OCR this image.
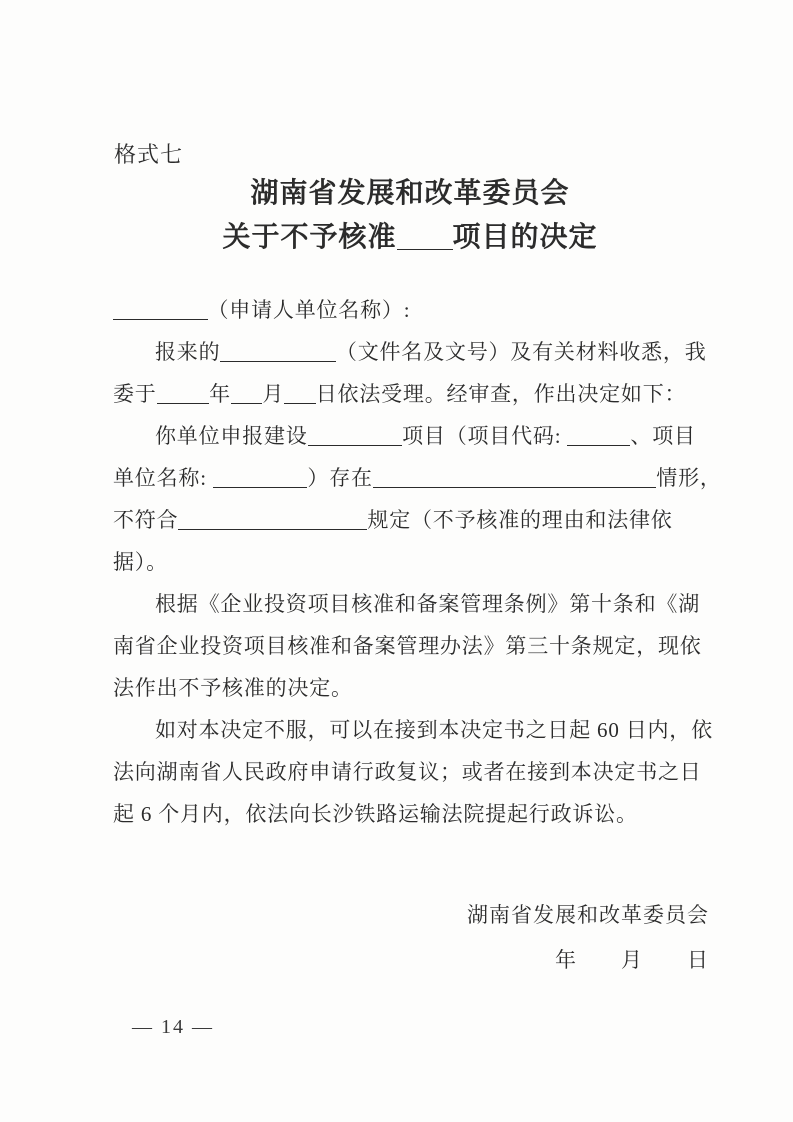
格式七
湖南省发展和改革委员会
关于不予核准 项目的决定
（申请人单位名称）:
报来的	（文件名及文号）及有关材料收悉，我
委于	年 月 日依法受理。经审查，作出决定如下：
你单位申报建设	项目（项目代码:	、项目
单位名称:	）存在	情形，
不符合	规定（不予核准的理由和法律依
据）。
根据《企业投资项目核准和备案管理条例》第十条和《湖
南省企业投资项目核准和备案管理办法》第三十条规定，现依
法作出不予核准的决定。
如对本决定不服，可以在接到本决定书之日起 60 日内，依
法向湖南省人民政府申请行政复议；或者在接到本决定书之日
起 6 个月内，依法向长沙铁路运输法院提起行政诉讼。
湖南省发展和改革委员会
年　　月　　日
— 14 —
